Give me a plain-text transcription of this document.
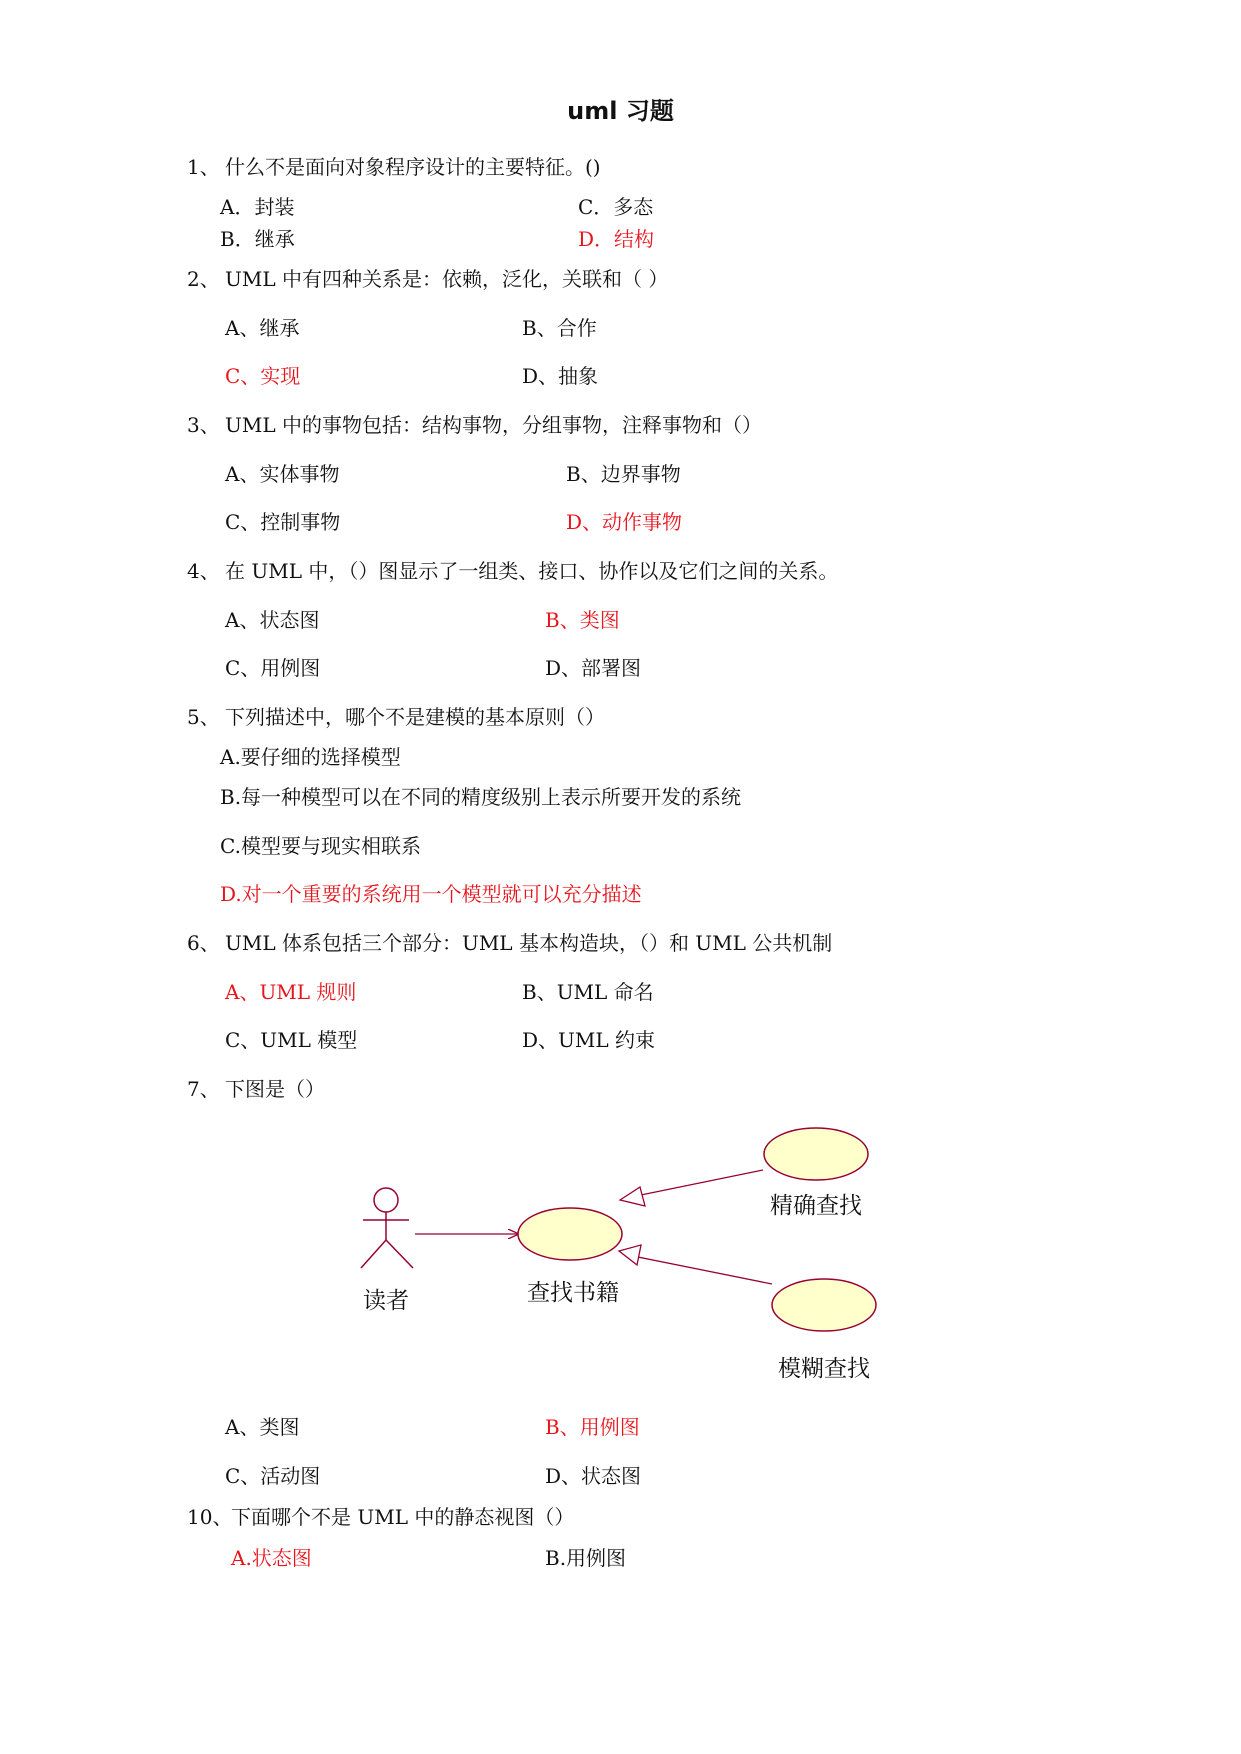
uml 习题
1、 什么不是面向对象程序设计的主要特征。()
A．封装
B．继承
C．多态
D．结构
2、 UML 中有四种关系是：依赖，泛化，关联和（ ）
A、继承	B、合作
C、实现	D、抽象
3、 UML 中的事物包括：结构事物，分组事物，注释事物和（）
A、实体事物	B、边界事物
C、控制事物	D、动作事物
4、 在 UML 中，（）图显示了一组类、接口、协作以及它们之间的关系。
A、状态图	B、类图
C、用例图	D、部署图
5、 下列描述中，哪个不是建模的基本原则（）
A.要仔细的选择模型
B.每一种模型可以在不同的精度级别上表示所要开发的系统
C.模型要与现实相联系
D.对一个重要的系统用一个模型就可以充分描述
6、 UML 体系包括三个部分：UML 基本构造块，（）和 UML 公共机制
A、UML 规则	B、UML 命名
C、UML 模型	D、UML 约束
7、 下图是（）
读者	查找书籍
精确查找
模糊查找
A、类图	B、用例图
C、活动图	D、状态图
10、
下面哪个不是 UML 中的静态视图（）
A.状态图	B.用例图
